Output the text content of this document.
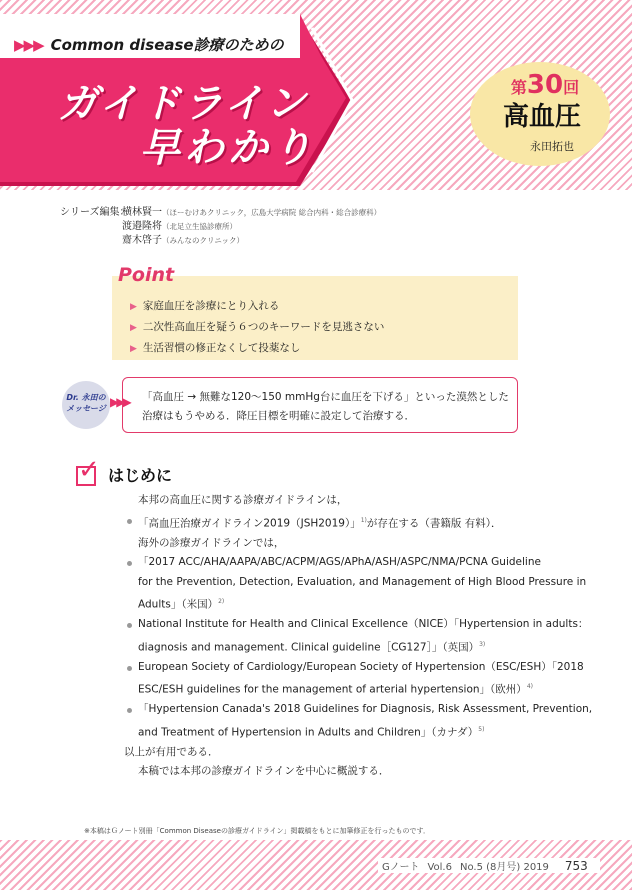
▶▶▶ Common disease診療のための
ガイドライン
早わかり
第30回
高血圧
永田拓也
シリーズ編集：横林賢一（ほーむけあクリニック，広島大学病院 総合内科・総合診療科）
渡邉隆将（北足立生協診療所）
齋木啓子（みんなのクリニック）
Point
▶ 家庭血圧を診療にとり入れる
▶ 二次性高血圧を疑う６つのキーワードを見逃さない
▶ 生活習慣の修正なくして投薬なし
Dr. 永田の
メッセージ ▶▶▶ 「高血圧 → 無難な120〜150 mmHg台に血圧を下げる」といった漠然とした
治療はもうやめる．降圧目標を明確に設定して治療する．
✓ はじめに

本邦の高血圧に関する診療ガイドラインは，

「高血圧治療ガイドライン2019（JSH2019）」$^{1)}$が存在する（書籍版 有料）．

海外の診療ガイドラインでは，

「2017 ACC/AHA/AAPA/ABC/ACPM/AGS/APhA/ASH/ASPC/NMA/PCNA Guideline

for the Prevention, Detection, Evaluation, and Management of High Blood Pressure in

Adults」（米国）$^{2)}$

National Institute for Health and Clinical Excellence（NICE）「Hypertension in adults：

diagnosis and management. Clinical guideline［CG127］」（英国）$^{3)}$

European Society of Cardiology/European Society of Hypertension（ESC/ESH）「2018

ESC/ESH guidelines for the management of arterial hypertension」（欧州）$^{4)}$

「Hypertension Canada's 2018 Guidelines for Diagnosis, Risk Assessment, Prevention,

and Treatment of Hypertension in Adults and Children」（カナダ）$^{5)}$

以上が有用である．

本稿では本邦の診療ガイドラインを中心に概説する．

※本稿はＧノート別冊「Common Diseaseの診療ガイドライン」掲載稿をもとに加筆修正を行ったものです．
Gノート Vol.6 No.5 (8月号) 2019 753
